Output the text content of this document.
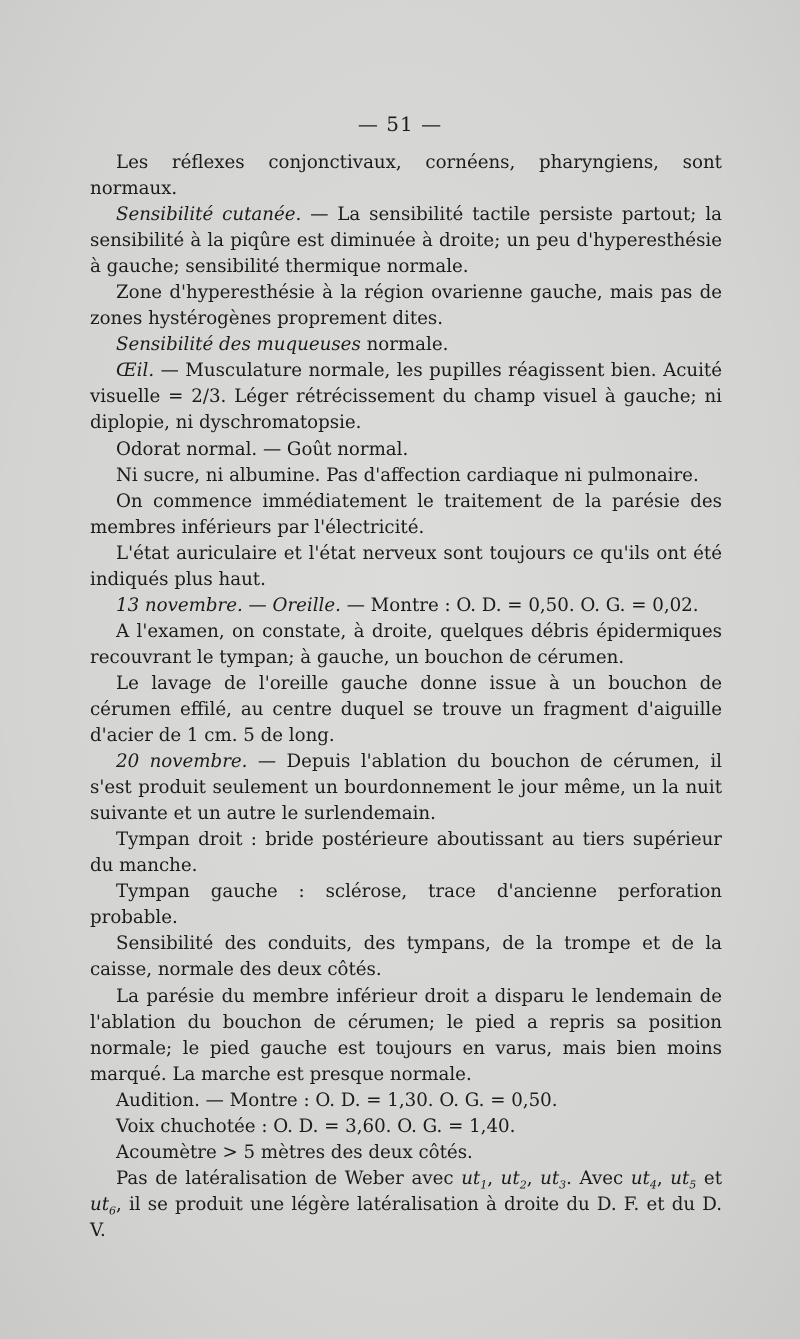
— 51 —

Les réflexes conjonctivaux, cornéens, pharyngiens, sont normaux.

Sensibilité cutanée. — La sensibilité tactile persiste partout; la sensibilité à la piqûre est diminuée à droite; un peu d'hyperesthésie à gauche; sensibilité thermique normale.

Zone d'hyperesthésie à la région ovarienne gauche, mais pas de zones hystérogènes proprement dites.

Sensibilité des muqueuses normale.

Œil. — Musculature normale, les pupilles réagissent bien. Acuité visuelle = 2/3. Léger rétrécissement du champ visuel à gauche; ni diplopie, ni dyschromatopsie.

Odorat normal. — Goût normal.

Ni sucre, ni albumine. Pas d'affection cardiaque ni pulmonaire.

On commence immédiatement le traitement de la parésie des membres inférieurs par l'électricité.

L'état auriculaire et l'état nerveux sont toujours ce qu'ils ont été indiqués plus haut.

13 novembre. — Oreille. — Montre : O. D. = 0,50. O. G. = 0,02.

A l'examen, on constate, à droite, quelques débris épidermiques recouvrant le tympan; à gauche, un bouchon de cérumen.

Le lavage de l'oreille gauche donne issue à un bouchon de cérumen effilé, au centre duquel se trouve un fragment d'aiguille d'acier de 1 cm. 5 de long.

20 novembre. — Depuis l'ablation du bouchon de cérumen, il s'est produit seulement un bourdonnement le jour même, un la nuit suivante et un autre le surlendemain.

Tympan droit : bride postérieure aboutissant au tiers supérieur du manche.

Tympan gauche : sclérose, trace d'ancienne perforation probable.

Sensibilité des conduits, des tympans, de la trompe et de la caisse, normale des deux côtés.

La parésie du membre inférieur droit a disparu le lendemain de l'ablation du bouchon de cérumen; le pied a repris sa position normale; le pied gauche est toujours en varus, mais bien moins marqué. La marche est presque normale.

Audition. — Montre : O. D. = 1,30. O. G. = 0,50.

Voix chuchotée : O. D. = 3,60. O. G. = 1,40.

Acoumètre > 5 mètres des deux côtés.

Pas de latéralisation de Weber avec $ut_1$, $ut_2$, $ut_3$. Avec $ut_4$, $ut_5$ et $ut_6$, il se produit une légère latéralisation à droite du D. F. et du D. V.
